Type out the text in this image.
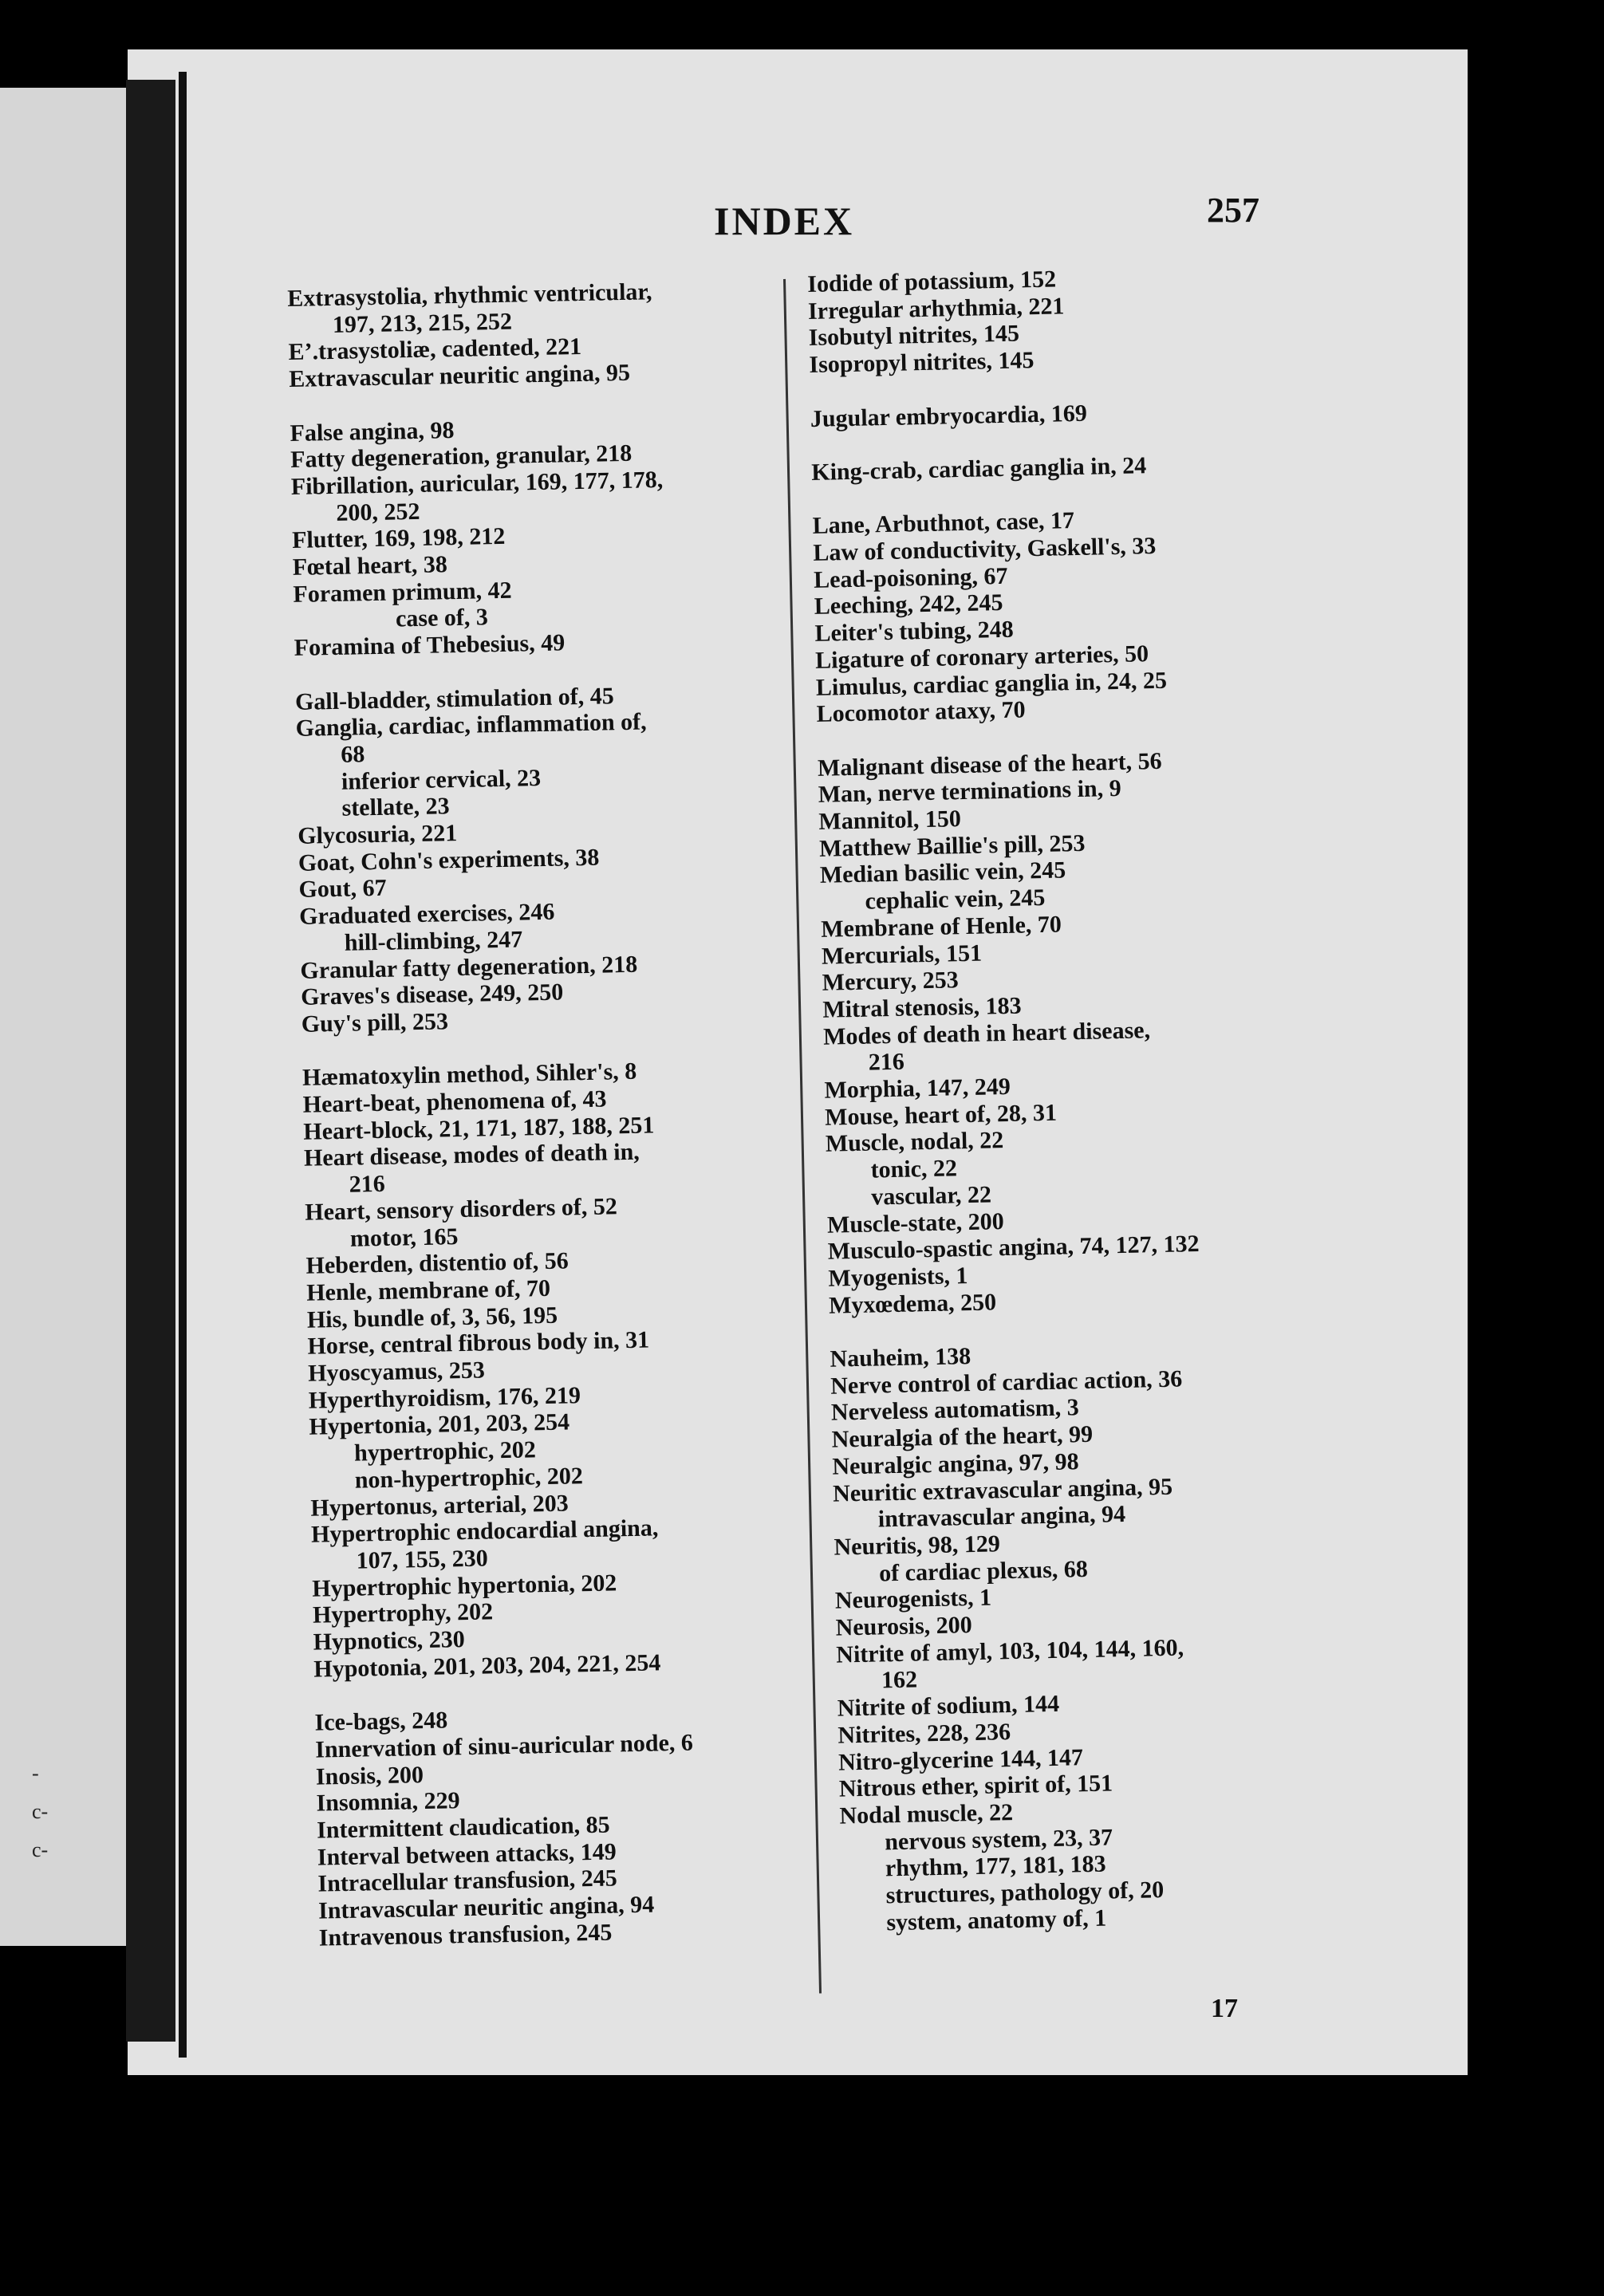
-
c-
c-
INDEX	257

Extrasystolia, rhythmic ventricular,

197, 213, 215, 252

E’.trasystoliæ, cadented, 221

Extravascular neuritic angina, 95

False angina, 98

Fatty degeneration, granular, 218

Fibrillation, auricular, 169, 177, 178,

200, 252

Flutter, 169, 198, 212

Fœtal heart, 38

Foramen primum, 42

case of, 3

Foramina of Thebesius, 49

Gall-bladder, stimulation of, 45

Ganglia, cardiac, inflammation of,

68

inferior cervical, 23

stellate, 23

Glycosuria, 221

Goat, Cohn's experiments, 38

Gout, 67

Graduated exercises, 246

hill-climbing, 247

Granular fatty degeneration, 218

Graves's disease, 249, 250

Guy's pill, 253

Hæmatoxylin method, Sihler's, 8

Heart-beat, phenomena of, 43

Heart-block, 21, 171, 187, 188, 251

Heart disease, modes of death in,

216

Heart, sensory disorders of, 52

motor, 165

Heberden, distentio of, 56

Henle, membrane of, 70

His, bundle of, 3, 56, 195

Horse, central fibrous body in, 31

Hyoscyamus, 253

Hyperthyroidism, 176, 219

Hypertonia, 201, 203, 254

hypertrophic, 202

non-hypertrophic, 202

Hypertonus, arterial, 203

Hypertrophic endocardial angina,

107, 155, 230

Hypertrophic hypertonia, 202

Hypertrophy, 202

Hypnotics, 230

Hypotonia, 201, 203, 204, 221, 254

Ice-bags, 248

Innervation of sinu-auricular node, 6

Inosis, 200

Insomnia, 229

Intermittent claudication, 85

Interval between attacks, 149

Intracellular transfusion, 245

Intravascular neuritic angina, 94

Intravenous transfusion, 245

Iodide of potassium, 152

Irregular arhythmia, 221

Isobutyl nitrites, 145

Isopropyl nitrites, 145

Jugular embryocardia, 169

King-crab, cardiac ganglia in, 24

Lane, Arbuthnot, case, 17

Law of conductivity, Gaskell's, 33

Lead-poisoning, 67

Leeching, 242, 245

Leiter's tubing, 248

Ligature of coronary arteries, 50

Limulus, cardiac ganglia in, 24, 25

Locomotor ataxy, 70

Malignant disease of the heart, 56

Man, nerve terminations in, 9

Mannitol, 150

Matthew Baillie's pill, 253

Median basilic vein, 245

cephalic vein, 245

Membrane of Henle, 70

Mercurials, 151

Mercury, 253

Mitral stenosis, 183

Modes of death in heart disease,

216

Morphia, 147, 249

Mouse, heart of, 28, 31

Muscle, nodal, 22

tonic, 22

vascular, 22

Muscle-state, 200

Musculo-spastic angina, 74, 127, 132

Myogenists, 1

Myxœdema, 250

Nauheim, 138

Nerve control of cardiac action, 36

Nerveless automatism, 3

Neuralgia of the heart, 99

Neuralgic angina, 97, 98

Neuritic extravascular angina, 95

intravascular angina, 94

Neuritis, 98, 129

of cardiac plexus, 68

Neurogenists, 1

Neurosis, 200

Nitrite of amyl, 103, 104, 144, 160,

162

Nitrite of sodium, 144

Nitrites, 228, 236

Nitro-glycerine 144, 147

Nitrous ether, spirit of, 151

Nodal muscle, 22

nervous system, 23, 37

rhythm, 177, 181, 183

structures, pathology of, 20

system, anatomy of, 1

17
